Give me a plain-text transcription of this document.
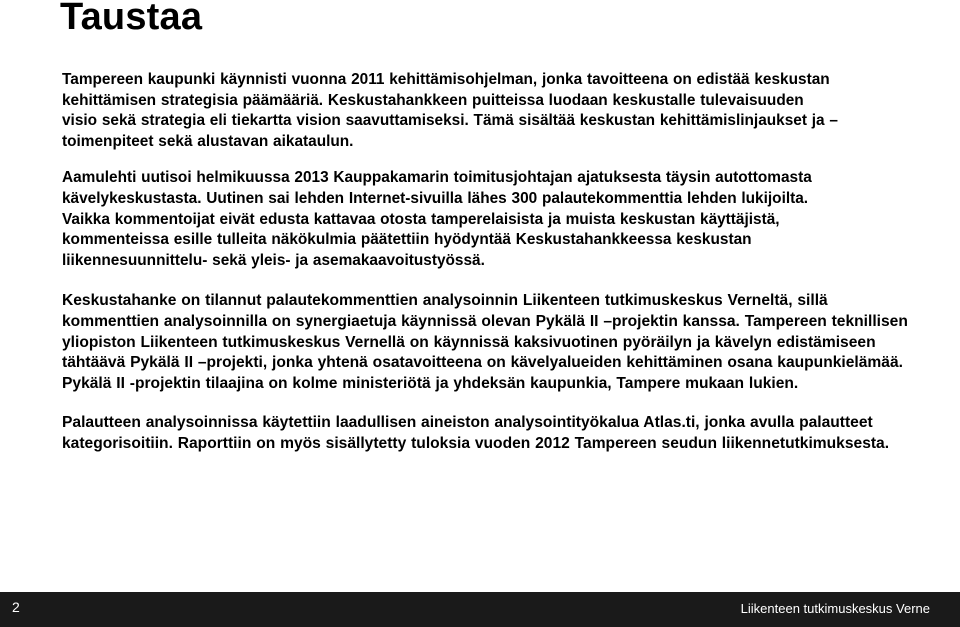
Taustaa

Tampereen kaupunki käynnisti vuonna 2011 kehittämisohjelman, jonka tavoitteena on edistää keskustan kehittämisen strategisia päämääriä. Keskustahankkeen puitteissa luodaan keskustalle tulevaisuuden visio sekä strategia eli tiekartta vision saavuttamiseksi. Tämä sisältää keskustan kehittämislinjaukset ja – toimenpiteet sekä alustavan aikataulun.

Aamulehti uutisoi helmikuussa 2013 Kauppakamarin toimitusjohtajan ajatuksesta täysin autottomasta kävelykeskustasta. Uutinen sai lehden Internet-sivuilla lähes 300 palautekommenttia lehden lukijoilta. Vaikka kommentoijat eivät edusta kattavaa otosta tamperelaisista ja muista keskustan käyttäjistä, kommenteissa esille tulleita näkökulmia päätettiin hyödyntää Keskustahankkeessa keskustan liikennesuunnittelu- sekä yleis- ja asemakaavoitustyössä.

Keskustahanke on tilannut palautekommenttien analysoinnin Liikenteen tutkimuskeskus Verneltä, sillä kommenttien analysoinnilla on synergiaetuja käynnissä olevan Pykälä II –projektin kanssa. Tampereen teknillisen yliopiston Liikenteen tutkimuskeskus Vernellä on käynnissä kaksivuotinen pyöräilyn ja kävelyn edistämiseen tähtäävä Pykälä II –projekti, jonka yhtenä osatavoitteena on kävelyalueiden kehittäminen osana kaupunkielämää. Pykälä II -projektin tilaajina on kolme ministeriötä ja yhdeksän kaupunkia, Tampere mukaan lukien.

Palautteen analysoinnissa käytettiin laadullisen aineiston analysointityökalua Atlas.ti, jonka avulla palautteet kategorisoitiin. Raporttiin on myös sisällytetty tuloksia vuoden 2012 Tampereen seudun liikennetutkimuksesta.

2	Liikenteen tutkimuskeskus Verne
